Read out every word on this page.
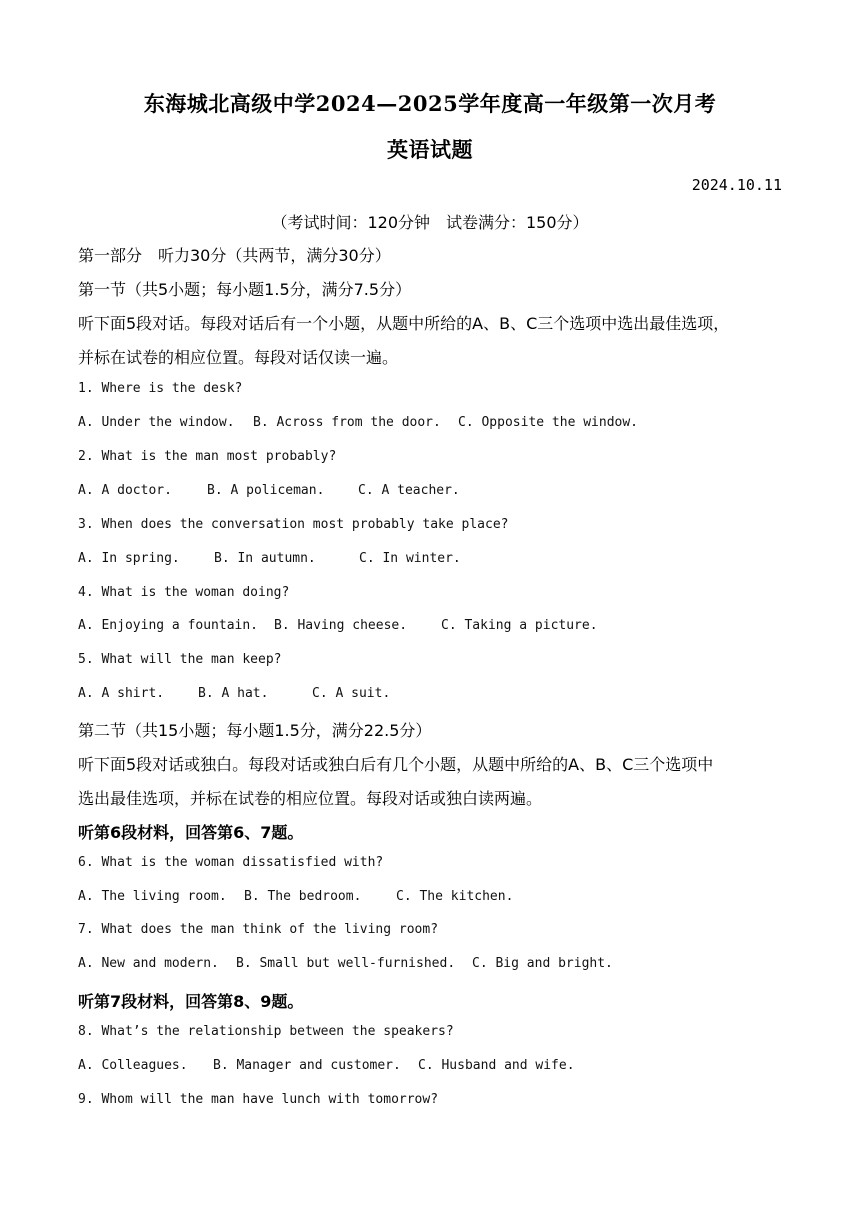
东海城北高级中学2024—2025学年度高一年级第一次月考
英语试题
2024.10.11
（考试时间：120分钟　试卷满分：150分）
第一部分　听力30分（共两节，满分30分）
第一节（共5小题；每小题1.5分，满分7.5分）
听下面5段对话。每段对话后有一个小题，从题中所给的A、B、C三个选项中选出最佳选项，
并标在试卷的相应位置。每段对话仅读一遍。
1. Where is the desk?
A. Under the window. B. Across from the door. C. Opposite the window.
2. What is the man most probably?
A. A doctor.	B. A policeman.	C. A teacher.
3. When does the conversation most probably take place?
A. In spring.	B. In autumn.	C. In winter.
4. What is the woman doing?
A. Enjoying a fountain. B. Having cheese.	C. Taking a picture.
5. What will the man keep?
A. A shirt.	B. A hat.	C. A suit.
第二节（共15小题；每小题1.5分，满分22.5分）
听下面5段对话或独白。每段对话或独白后有几个小题，从题中所给的A、B、C三个选项中
选出最佳选项，并标在试卷的相应位置。每段对话或独白读两遍。
听第6段材料，回答第6、7题。
6. What is the woman dissatisfied with?
A. The living room. B. The bedroom.	C. The kitchen.
7. What does the man think of the living room?
A. New and modern. B. Small but well-furnished. C. Big and bright.
听第7段材料，回答第8、9题。
8. What’s the relationship between the speakers?
A. Colleagues. B. Manager and customer. C. Husband and wife.
9. Whom will the man have lunch with tomorrow?
